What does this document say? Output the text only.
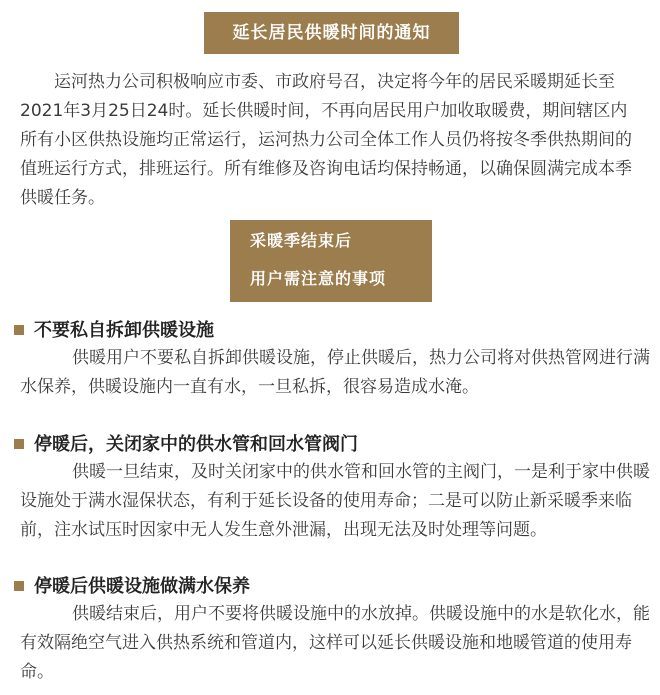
延长居民供暖时间的通知

运河热力公司积极响应市委、市政府号召，决定将今年的居民采暖期延长至2021年3月25日24时。延长供暖时间，不再向居民用户加收取暖费，期间辖区内所有小区供热设施均正常运行，运河热力公司全体工作人员仍将按冬季供热期间的值班运行方式，排班运行。所有维修及咨询电话均保持畅通，以确保圆满完成本季供暖任务。

采暖季结束后
用户需注意的事项
不要私自拆卸供暖设施

供暖用户不要私自拆卸供暖设施，停止供暖后，热力公司将对供热管网进行满水保养，供暖设施内一直有水，一旦私拆，很容易造成水淹。

停暖后，关闭家中的供水管和回水管阀门

供暖一旦结束，及时关闭家中的供水管和回水管的主阀门，一是利于家中供暖设施处于满水湿保状态，有利于延长设备的使用寿命；二是可以防止新采暖季来临前，注水试压时因家中无人发生意外泄漏，出现无法及时处理等问题。

停暖后供暖设施做满水保养

供暖结束后，用户不要将供暖设施中的水放掉。供暖设施中的水是软化水，能有效隔绝空气进入供热系统和管道内，这样可以延长供暖设施和地暖管道的使用寿命。
